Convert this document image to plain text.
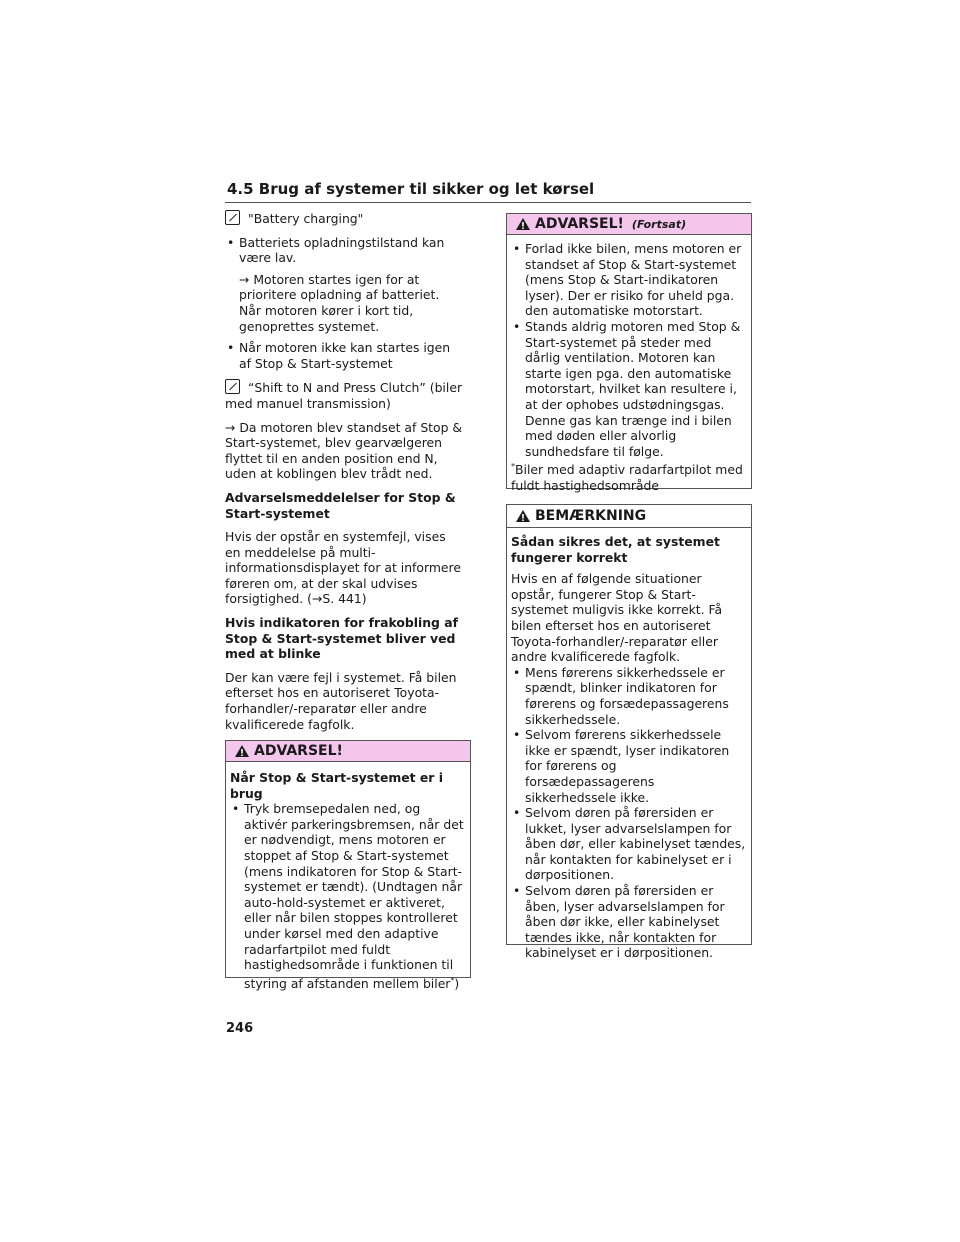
4.5 Brug af systemer til sikker og let kørsel

"Battery charging"

• Batteriets opladningstilstand kan være lav.
→ Motoren startes igen for at prioritere opladning af batteriet. Når motoren kører i kort tid, genoprettes systemet.
• Når motoren ikke kan startes igen af Stop & Start-systemet

“Shift to N and Press Clutch” (biler med manuel transmission)

→ Da motoren blev standset af Stop & Start-systemet, blev gearvælgeren flyttet til en anden position end N, uden at koblingen blev trådt ned.

Advarselsmeddelelser for Stop & Start-systemet

Hvis der opstår en systemfejl, vises en meddelelse på multi-informationsdisplayet for at informere føreren om, at der skal udvises forsigtighed. (→S. 441)

Hvis indikatoren for frakobling af Stop & Start-systemet bliver ved med at blinke

Der kan være fejl i systemet. Få bilen efterset hos en autoriseret Toyota-forhandler/-reparatør eller andre kvalificerede fagfolk.

ADVARSEL!

Når Stop & Start-systemet er i brug

• Tryk bremsepedalen ned, og aktivér parkeringsbremsen, når det er nødvendigt, mens motoren er stoppet af Stop & Start-systemet (mens indikatoren for Stop & Start-systemet er tændt). (Undtagen når auto-hold-systemet er aktiveret, eller når bilen stoppes kontrolleret under kørsel med den adaptive radarfartpilot med fuldt hastighedsområde i funktionen til styring af afstanden mellem biler*)
ADVARSEL! (Fortsat)
• Forlad ikke bilen, mens motoren er standset af Stop & Start-systemet (mens Stop & Start-indikatoren lyser). Der er risiko for uheld pga. den automatiske motorstart.
• Stands aldrig motoren med Stop & Start-systemet på steder med dårlig ventilation. Motoren kan starte igen pga. den automatiske motorstart, hvilket kan resultere i, at der ophobes udstødningsgas. Denne gas kan trænge ind i bilen med døden eller alvorlig sundhedsfare til følge.
*Biler med adaptiv radarfartpilot med fuldt hastighedsområde
BEMÆRKNING

Sådan sikres det, at systemet fungerer korrekt

Hvis en af følgende situationer opstår, fungerer Stop & Start-systemet muligvis ikke korrekt. Få bilen efterset hos en autoriseret Toyota-forhandler/-reparatør eller andre kvalificerede fagfolk.

• Mens førerens sikkerhedssele er spændt, blinker indikatoren for førerens og forsædepassagerens sikkerhedssele.
• Selvom førerens sikkerhedssele ikke er spændt, lyser indikatoren for førerens og forsædepassagerens sikkerhedssele ikke.
• Selvom døren på førersiden er lukket, lyser advarselslampen for åben dør, eller kabinelyset tændes, når kontakten for kabinelyset er i dørpositionen.
• Selvom døren på førersiden er åben, lyser advarselslampen for åben dør ikke, eller kabinelyset tændes ikke, når kontakten for kabinelyset er i dørpositionen.
246
